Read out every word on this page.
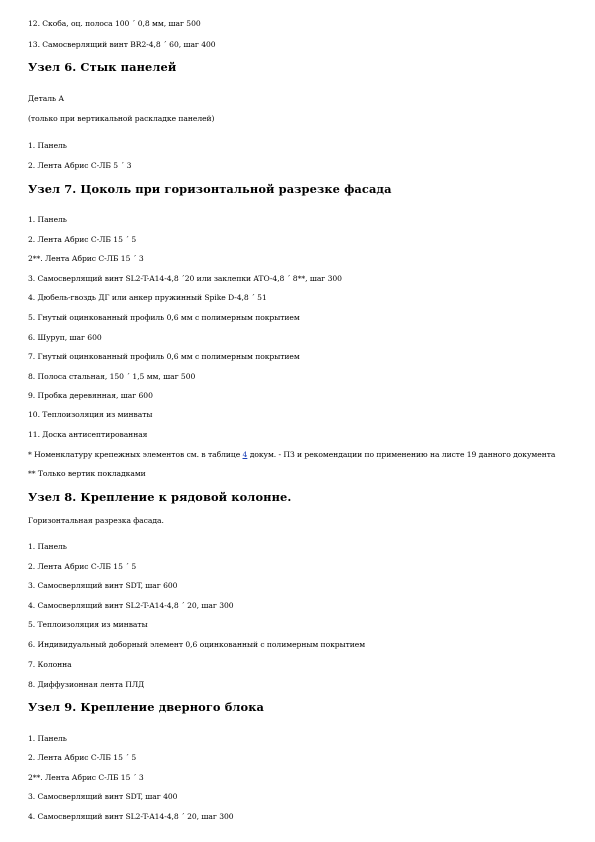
12. Скоба, оц. полоса 100 ´ 0,8 мм, шаг 500
13. Самосверлящий винт BR2-4,8 ´ 60, шаг 400
Узел 6. Стык панелей
Деталь А
(только при вертикальной раскладке панелей)
1. Панель
2. Лента Абрис С-ЛБ 5 ´ 3
Узел 7. Цоколь при горизонтальной разрезке фасада
1. Панель
2. Лента Абрис С-ЛБ 15 ´ 5
2**. Лента Абрис С-ЛБ 15 ´ 3
3. Самосверлящий винт SL2-T-A14-4,8 ´20 или заклепки ATO-4,8 ´ 8**, шаг 300
4. Дюбель-гвоздь ДГ или анкер пружинный Spike D-4,8 ´ 51
5. Гнутый оцинкованный профиль 0,6 мм с полимерным покрытием
6. Шуруп, шаг 600
7. Гнутый оцинкованный профиль 0,6 мм с полимерным покрытием
8. Полоса стальная, 150 ´ 1,5 мм, шаг 500
9. Пробка деревянная, шаг 600
10. Теплоизоляция из минваты
11. Доска антисептированная
* Номенклатуру крепежных элементов см. в таблице 4 докум. - ПЗ и рекомендации по применению на листе 19 данного документа
** Только вертик покладками
Узел 8. Крепление к рядовой колонне.
Горизонтальная разрезка фасада.
1. Панель
2. Лента Абрис С-ЛБ 15 ´ 5
3. Самосверлящий винт SDT, шаг 600
4. Самосверлящий винт SL2-T-A14-4,8 ´ 20, шаг 300
5. Теплоизоляция из минваты
6. Индивидуальный доборный элемент 0,6 оцинкованный с полимерным покрытием
7. Колонна
8. Диффузионная лента ПЛД
Узел 9. Крепление дверного блока
1. Панель
2. Лента Абрис С-ЛБ 15 ´ 5
2**. Лента Абрис С-ЛБ 15 ´ 3
3. Самосверлящий винт SDT, шаг 400
4. Самосверлящий винт SL2-T-A14-4,8 ´ 20, шаг 300
